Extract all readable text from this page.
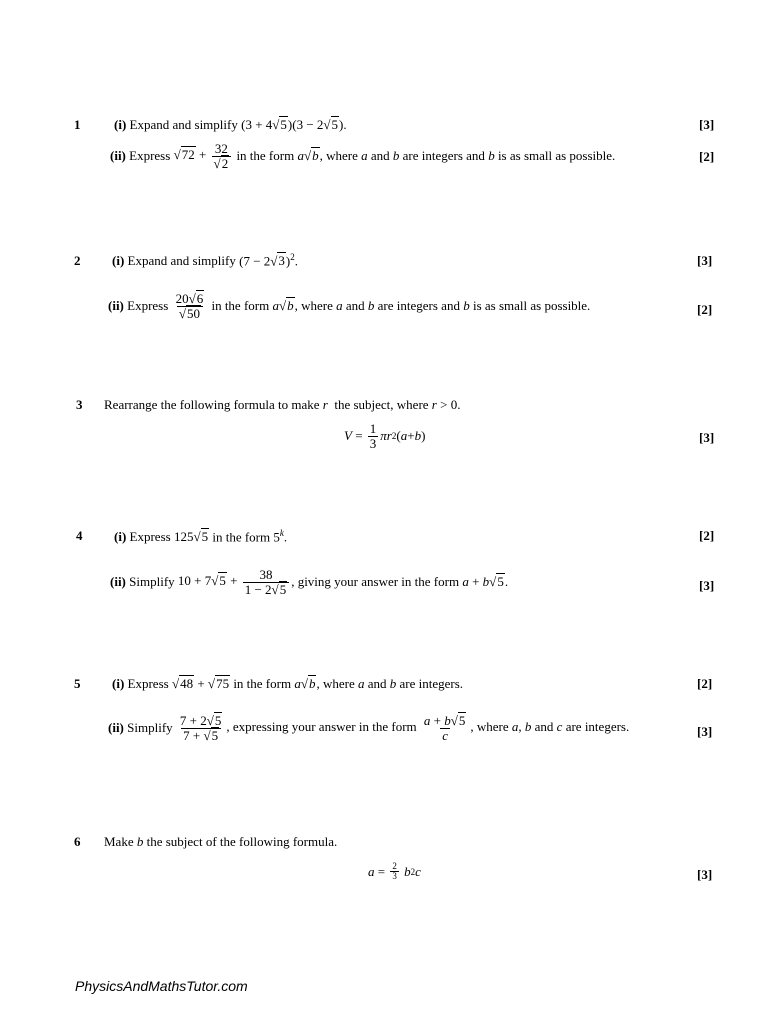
1	(i)
Expand and simplify
(3 + 4√5)(3 − 2√5).	[3]
(ii)
Express
$√72 + \frac{32}{√2}$
in the form a√b, where a and b are integers and b is as small as possible.	[2]
2 (i)
Expand and simplify
$(7 - 2√3)^2$.	[3]
(ii)
Express
$\frac{20√6}{√50}$
in the form a√b, where a and b are integers and b is as small as possible.	[2]
3 Rearrange the following formula to make r  the subject, where r > 0.
$V = \frac{1}{3}$ πr 2 ( a + b )	[3]
4 (i)
Express
125√5
in the form 5$^k$.	[2]
(ii)
Simplify
$10 + 7√5 + \frac{38}{1 - 2√5}$ , giving your answer in the form a + b√5.	[3]
5 (i)
Express
√48 + √75
in the form a√b, where a and b are integers.	[2]
(ii)
Simplify
$\frac{7 + 2√5}{7 + √5}$ , expressing your answer in the form $\frac{a + b√5}{c}$ , where a, b and c are integers.	[3]
6 Make b the subject of the following formula.
$a = \frac{2}{3}$
b 2 c	[3]
PhysicsAndMathsTutor.com
